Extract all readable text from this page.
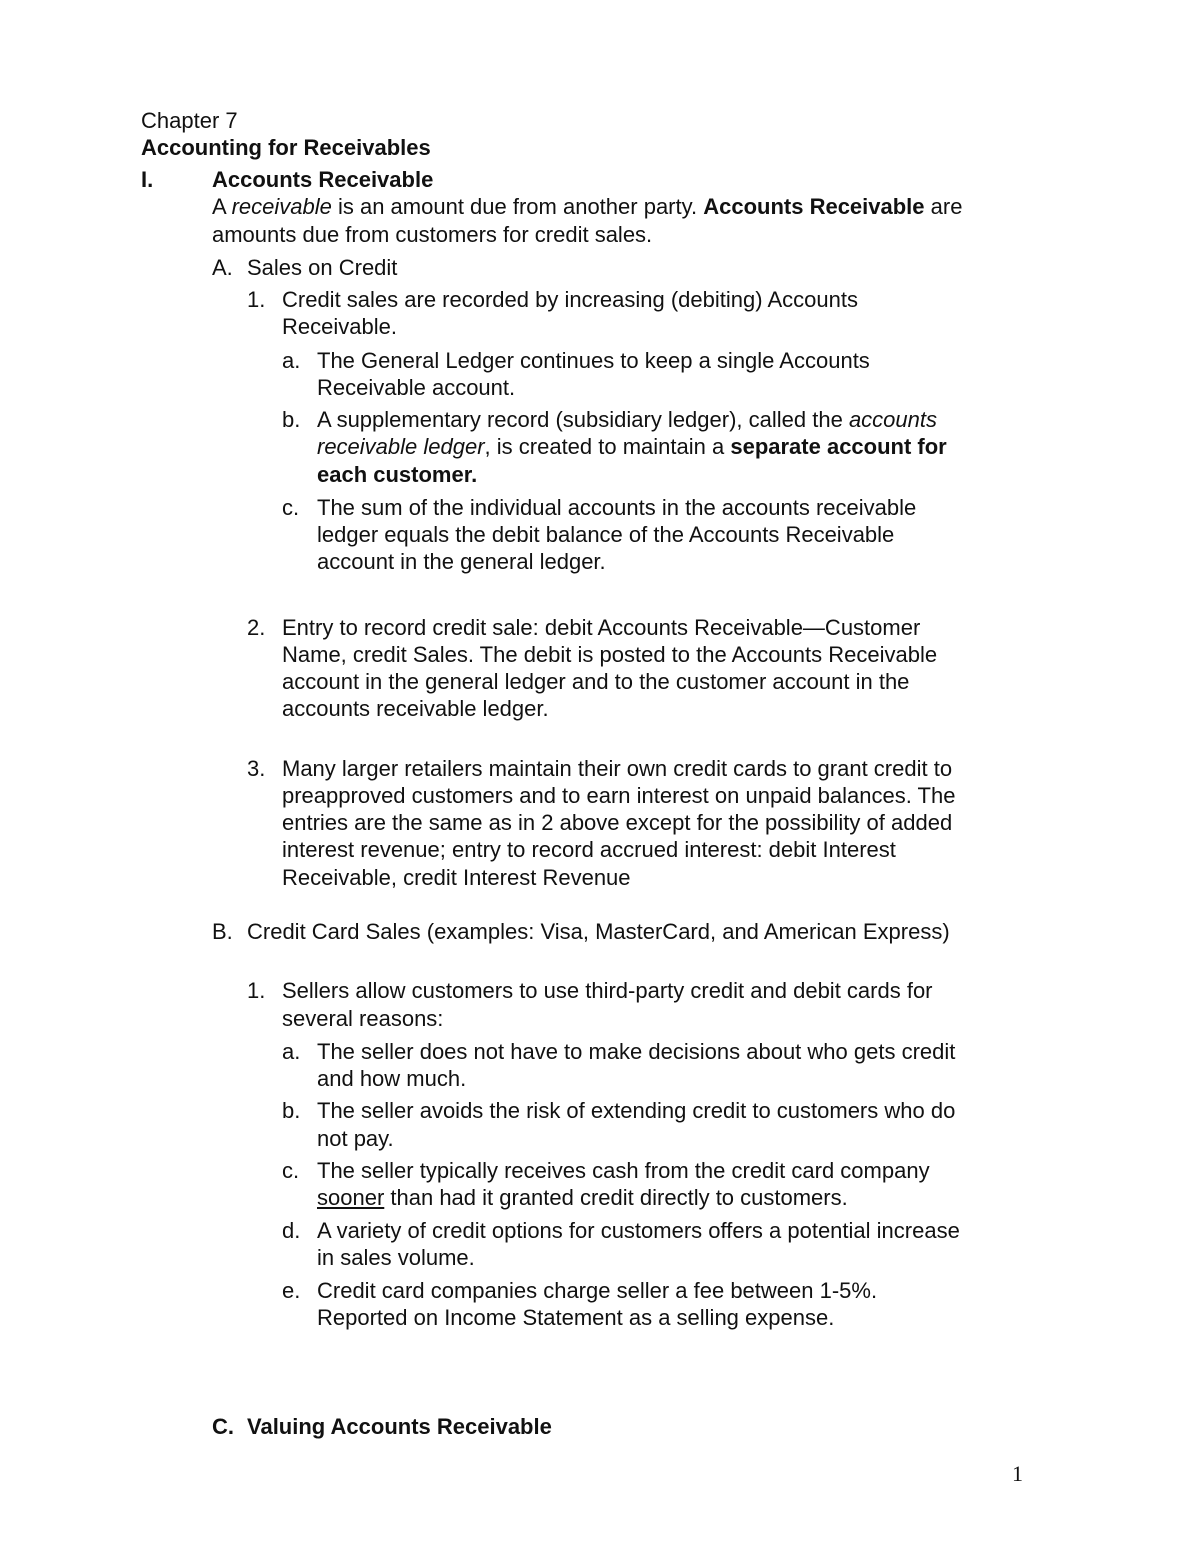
Chapter 7
Accounting for Receivables
I.	Accounts Receivable
A receivable is an amount due from another party. Accounts Receivable are
amounts due from customers for credit sales.
A. Sales on Credit
1. Credit sales are recorded by increasing (debiting) Accounts
Receivable.
a. The General Ledger continues to keep a single Accounts
Receivable account.
b. A supplementary record (subsidiary ledger), called the accounts
receivable ledger, is created to maintain a separate account for
each customer.
c. The sum of the individual accounts in the accounts receivable
ledger equals the debit balance of the Accounts Receivable
account in the general ledger.
2. Entry to record credit sale: debit Accounts Receivable—Customer
Name, credit Sales. The debit is posted to the Accounts Receivable
account in the general ledger and to the customer account in the
accounts receivable ledger.
3. Many larger retailers maintain their own credit cards to grant credit to
preapproved customers and to earn interest on unpaid balances. The
entries are the same as in 2 above except for the possibility of added
interest revenue; entry to record accrued interest: debit Interest
Receivable, credit Interest Revenue
B. Credit Card Sales (examples: Visa, MasterCard, and American Express)
1. Sellers allow customers to use third-party credit and debit cards for
several reasons:
a. The seller does not have to make decisions about who gets credit
and how much.
b. The seller avoids the risk of extending credit to customers who do
not pay.
c. The seller typically receives cash from the credit card company
sooner than had it granted credit directly to customers.
d. A variety of credit options for customers offers a potential increase
in sales volume.
e. Credit card companies charge seller a fee between 1-5%.
Reported on Income Statement as a selling expense.
C. Valuing Accounts Receivable
1
